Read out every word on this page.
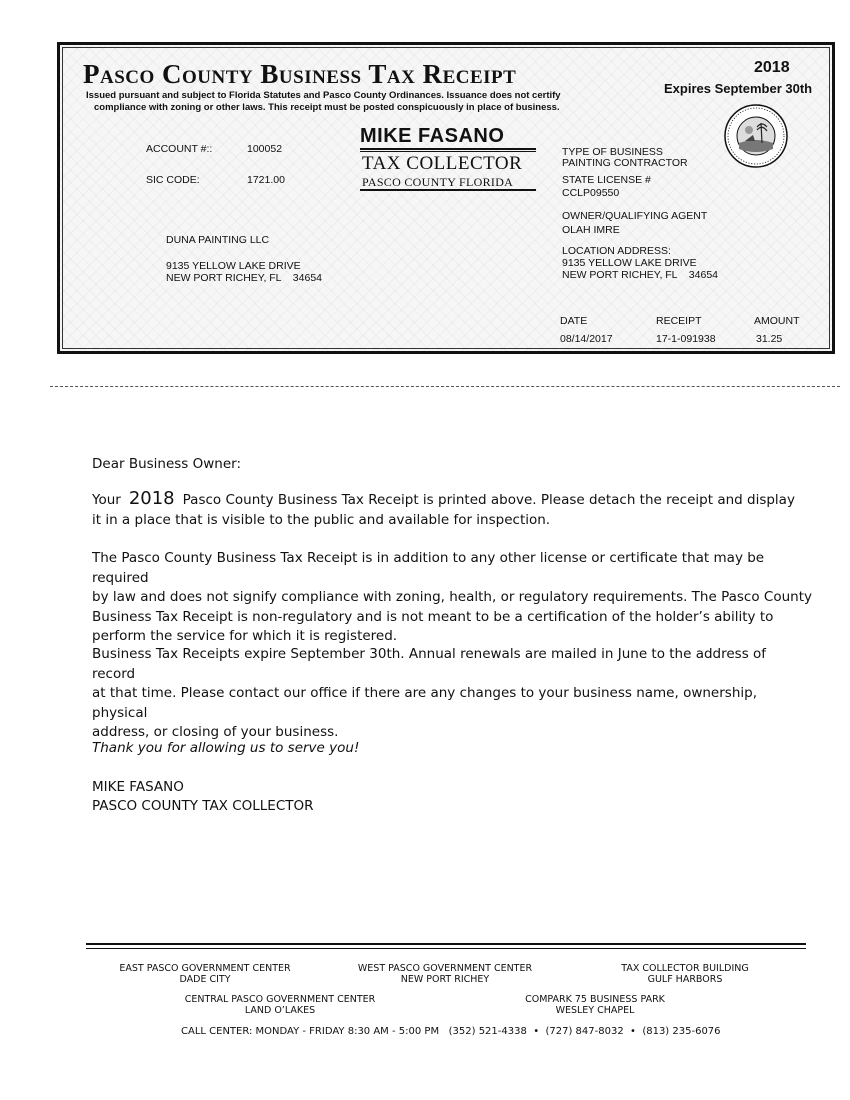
Pasco County Business Tax Receipt
Issued pursuant and subject to Florida Statutes and Pasco County Ordinances. Issuance does not certify
compliance with zoning or other laws. This receipt must be posted conspicuously in place of business.
2018
Expires September 30th
ACCOUNT #::	100052
SIC CODE:	1721.00
MIKE FASANO
TAX COLLECTOR
PASCO COUNTY FLORIDA
DUNA PAINTING LLC
9135 YELLOW LAKE DRIVE
NEW PORT RICHEY, FL    34654
TYPE OF BUSINESS
PAINTING CONTRACTOR
STATE LICENSE #
CCLP09550
OWNER/QUALIFYING AGENT
OLAH IMRE
LOCATION ADDRESS:
9135 YELLOW LAKE DRIVE
NEW PORT RICHEY, FL    34654
DATE
08/14/2017
RECEIPT
17-1-091938
AMOUNT
31.25
Dear Business Owner:
Your 2018 Pasco County Business Tax Receipt is printed above. Please detach the receipt and display
it in a place that is visible to the public and available for inspection.
The Pasco County Business Tax Receipt is in addition to any other license or certificate that may be required
by law and does not signify compliance with zoning, health, or regulatory requirements. The Pasco County
Business Tax Receipt is non-regulatory and is not meant to be a certification of the holder’s ability to
perform the service for which it is registered.
Business Tax Receipts expire September 30th. Annual renewals are mailed in June to the address of record
at that time. Please contact our office if there are any changes to your business name, ownership, physical
address, or closing of your business.
Thank you for allowing us to serve you!
MIKE FASANO
PASCO COUNTY TAX COLLECTOR
EAST PASCO GOVERNMENT CENTER
DADE CITY
WEST PASCO GOVERNMENT CENTER
NEW PORT RICHEY
TAX COLLECTOR BUILDING
GULF HARBORS
CENTRAL PASCO GOVERNMENT CENTER
LAND O’LAKES
COMPARK 75 BUSINESS PARK
WESLEY CHAPEL
CALL CENTER: MONDAY - FRIDAY 8:30 AM - 5:00 PM (352) 521-4338 • (727) 847-8032 • (813) 235-6076
